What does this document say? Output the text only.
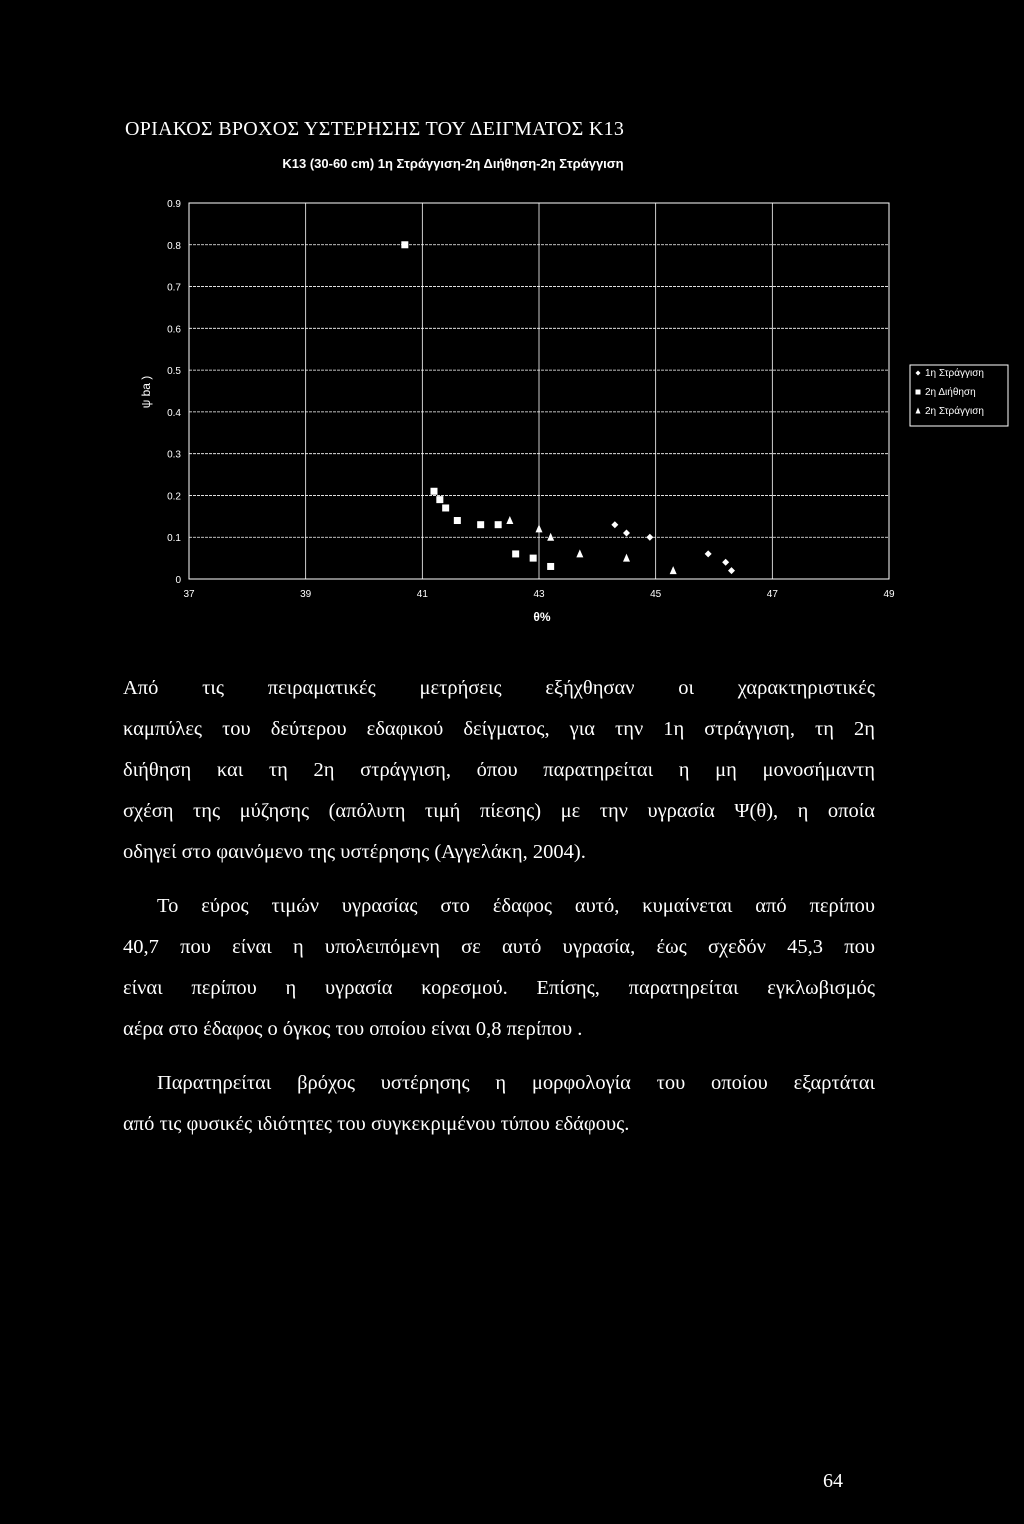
ΟΡΙΑΚΟΣ ΒΡΟΧΟΣ ΥΣΤΕΡΗΣΗΣ ΤΟΥ ΔΕΙΓΜΑΤΟΣ Κ13
K13 (30-60 cm) 1η Στράγγιση-2η Διήθηση-2η Στράγγιση
0
0.1
0.2
0.3
0.4
0.5
0.6
0.7
0.8
0.9
37	39	41	43	45	47	49
ψ ba )
θ%
1η Στράγγιση
2η Διήθηση
2η Στράγγιση
Από τις πειραματικές μετρήσεις εξήχθησαν οι χαρακτηριστικές
καμπύλες του δεύτερου εδαφικού δείγματος, για την 1η στράγγιση, τη 2η
διήθηση και τη 2η στράγγιση, όπου παρατηρείται η μη μονοσήμαντη
σχέση της μύζησης (απόλυτη τιμή πίεσης) με την υγρασία Ψ(θ), η οποία
οδηγεί στο φαινόμενο της υστέρησης (Αγγελάκη, 2004).
Το εύρος τιμών υγρασίας στο έδαφος αυτό, κυμαίνεται από περίπου
40,7 που είναι η υπολειπόμενη σε αυτό υγρασία, έως σχεδόν 45,3 που
είναι περίπου η υγρασία κορεσμού. Επίσης, παρατηρείται εγκλωβισμός
αέρα στο έδαφος ο όγκος του οποίου είναι 0,8 περίπου .
Παρατηρείται βρόχος υστέρησης η μορφολογία του οποίου εξαρτάται
από τις φυσικές ιδιότητες του συγκεκριμένου τύπου εδάφους.
64
